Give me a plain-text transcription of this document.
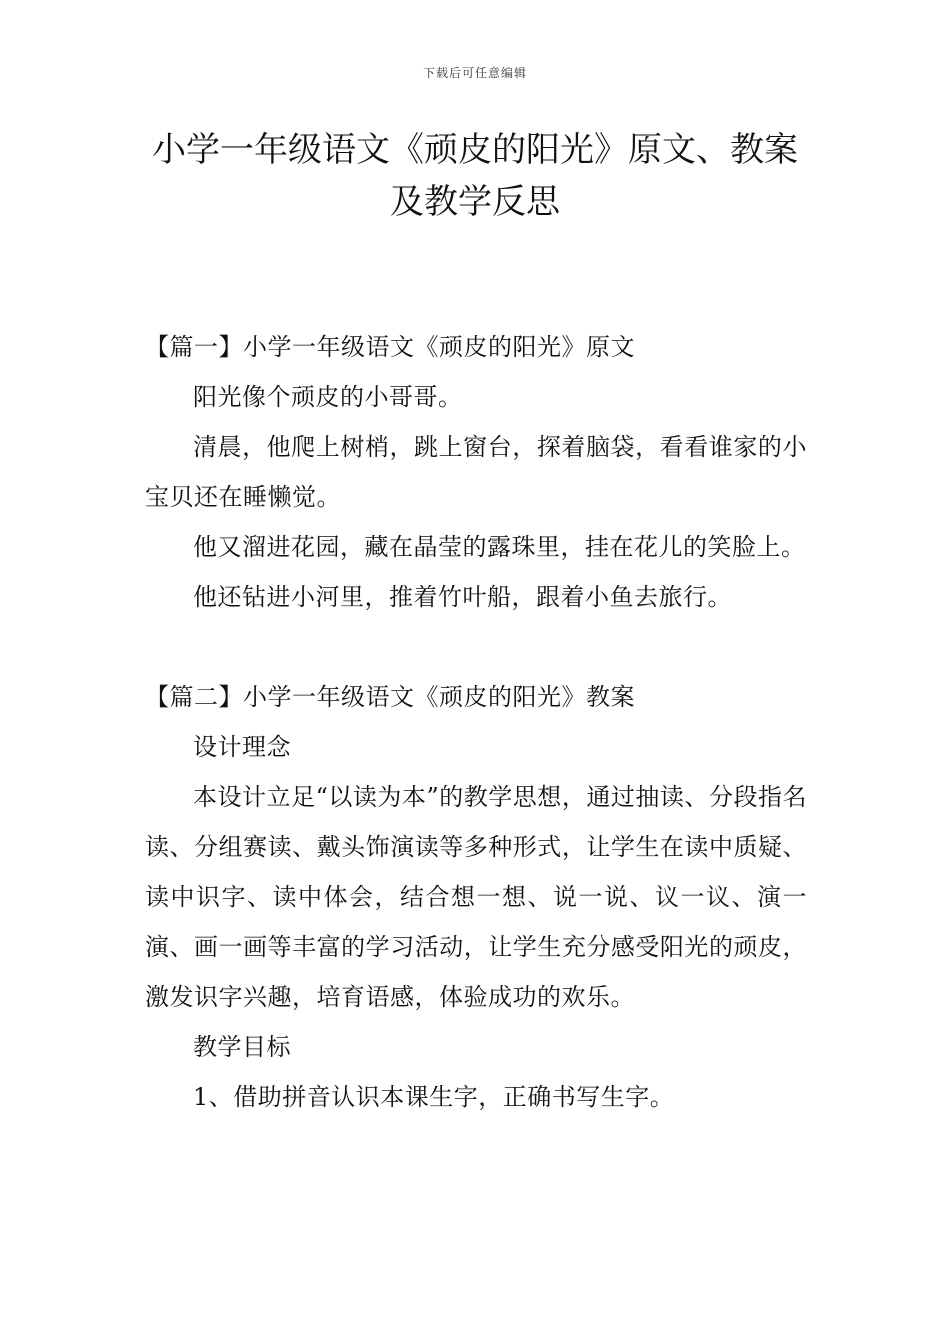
下载后可任意编辑
小学一年级语文《顽皮的阳光》原文、教案及教学反思

【篇一】小学一年级语文《顽皮的阳光》原文

阳光像个顽皮的小哥哥。

清晨，他爬上树梢，跳上窗台，探着脑袋，看看谁家的小宝贝还在睡懒觉。

他又溜进花园，藏在晶莹的露珠里，挂在花儿的笑脸上。

他还钻进小河里，推着竹叶船，跟着小鱼去旅行。

【篇二】小学一年级语文《顽皮的阳光》教案

设计理念

本设计立足“以读为本”的教学思想，通过抽读、分段指名读、分组赛读、戴头饰演读等多种形式，让学生在读中质疑、读中识字、读中体会，结合想一想、说一说、议一议、演一演、画一画等丰富的学习活动，让学生充分感受阳光的顽皮，激发识字兴趣，培育语感，体验成功的欢乐。

教学目标

1、借助拼音认识本课生字，正确书写生字。
